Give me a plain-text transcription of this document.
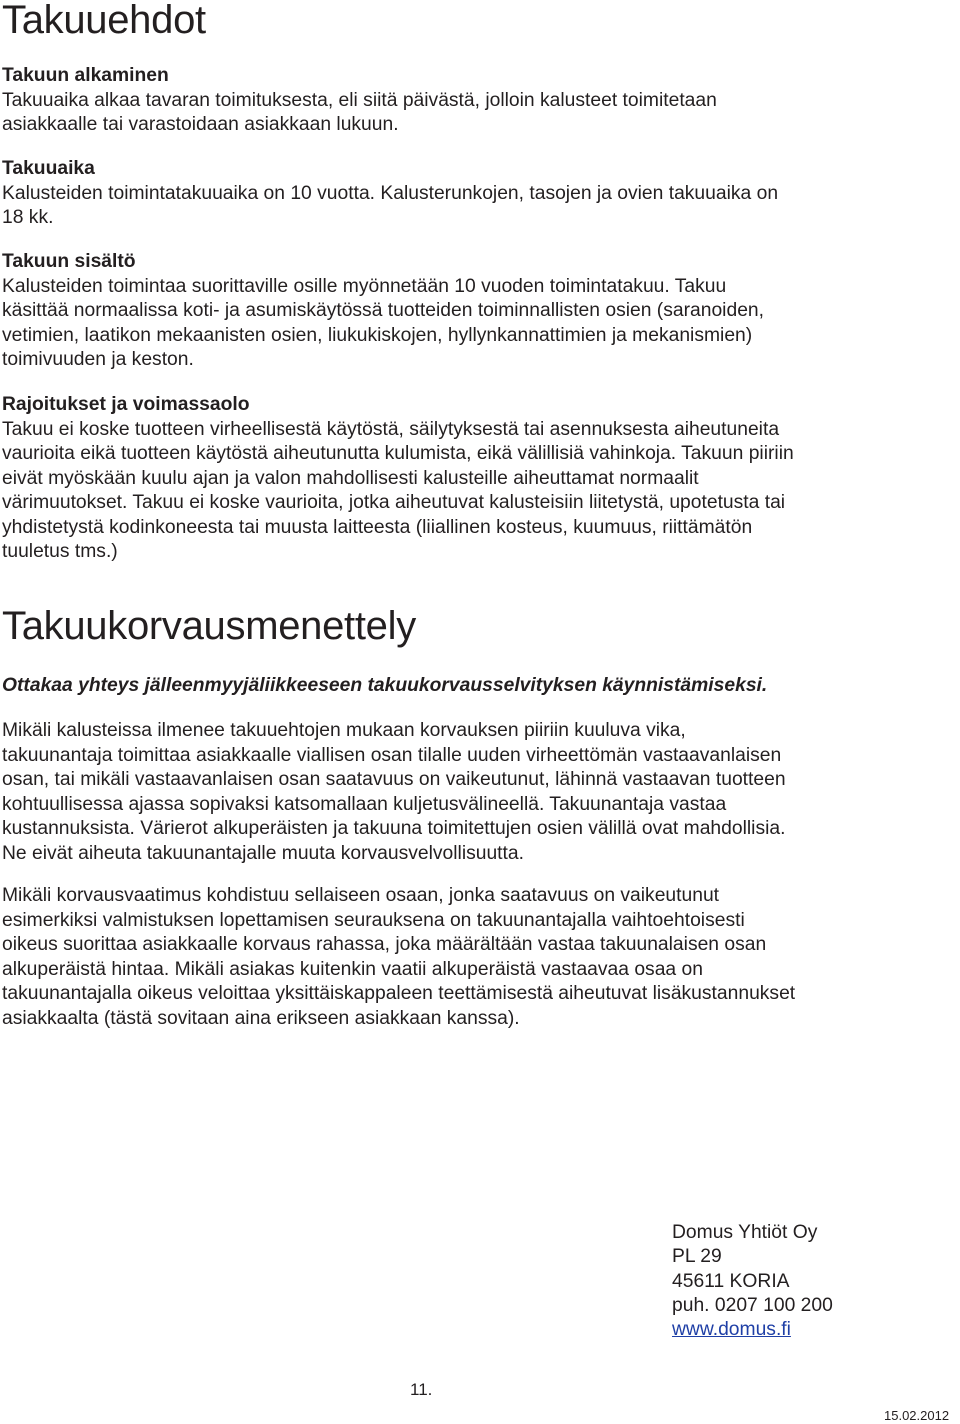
Takuuehdot
Takuun alkaminen
Takuuaika alkaa tavaran toimituksesta, eli siitä päivästä, jolloin kalusteet toimitetaan
asiakkaalle tai varastoidaan asiakkaan lukuun.
Takuuaika
Kalusteiden toimintatakuuaika on 10 vuotta. Kalusterunkojen, tasojen ja ovien takuuaika on
18 kk.
Takuun sisältö
Kalusteiden toimintaa suorittaville osille myönnetään 10 vuoden toimintatakuu. Takuu
käsittää normaalissa koti- ja asumiskäytössä tuotteiden toiminnallisten osien (saranoiden,
vetimien, laatikon mekaanisten osien, liukukiskojen, hyllynkannattimien ja mekanismien)
toimivuuden ja keston.
Rajoitukset ja voimassaolo
Takuu ei koske tuotteen virheellisestä käytöstä, säilytyksestä tai asennuksesta aiheutuneita
vaurioita eikä tuotteen käytöstä aiheutunutta kulumista, eikä välillisiä vahinkoja. Takuun piiriin
eivät myöskään kuulu ajan ja valon mahdollisesti kalusteille aiheuttamat normaalit
värimuutokset. Takuu ei koske vaurioita, jotka aiheutuvat kalusteisiin liitetystä, upotetusta tai
yhdistetystä kodinkoneesta tai muusta laitteesta (liiallinen kosteus, kuumuus, riittämätön
tuuletus tms.)
Takuukorvausmenettely
Ottakaa yhteys jälleenmyyjäliikkeeseen takuukorvausselvityksen käynnistämiseksi.
Mikäli kalusteissa ilmenee takuuehtojen mukaan korvauksen piiriin kuuluva vika,
takuunantaja toimittaa asiakkaalle viallisen osan tilalle uuden virheettömän vastaavanlaisen
osan, tai mikäli vastaavanlaisen osan saatavuus on vaikeutunut, lähinnä vastaavan tuotteen
kohtuullisessa ajassa sopivaksi katsomallaan kuljetusvälineellä. Takuunantaja vastaa
kustannuksista. Värierot alkuperäisten ja takuuna toimitettujen osien välillä ovat mahdollisia.
Ne eivät aiheuta takuunantajalle muuta korvausvelvollisuutta.
Mikäli korvausvaatimus kohdistuu sellaiseen osaan, jonka saatavuus on vaikeutunut
esimerkiksi valmistuksen lopettamisen seurauksena on takuunantajalla vaihtoehtoisesti
oikeus suorittaa asiakkaalle korvaus rahassa, joka määrältään vastaa takuunalaisen osan
alkuperäistä hintaa. Mikäli asiakas kuitenkin vaatii alkuperäistä vastaavaa osaa on
takuunantajalla oikeus veloittaa yksittäiskappaleen teettämisestä aiheutuvat lisäkustannukset
asiakkaalta (tästä sovitaan aina erikseen asiakkaan kanssa).
Domus Yhtiöt Oy
PL 29
45611 KORIA
puh. 0207 100 200
www.domus.fi
11.
15.02.2012
